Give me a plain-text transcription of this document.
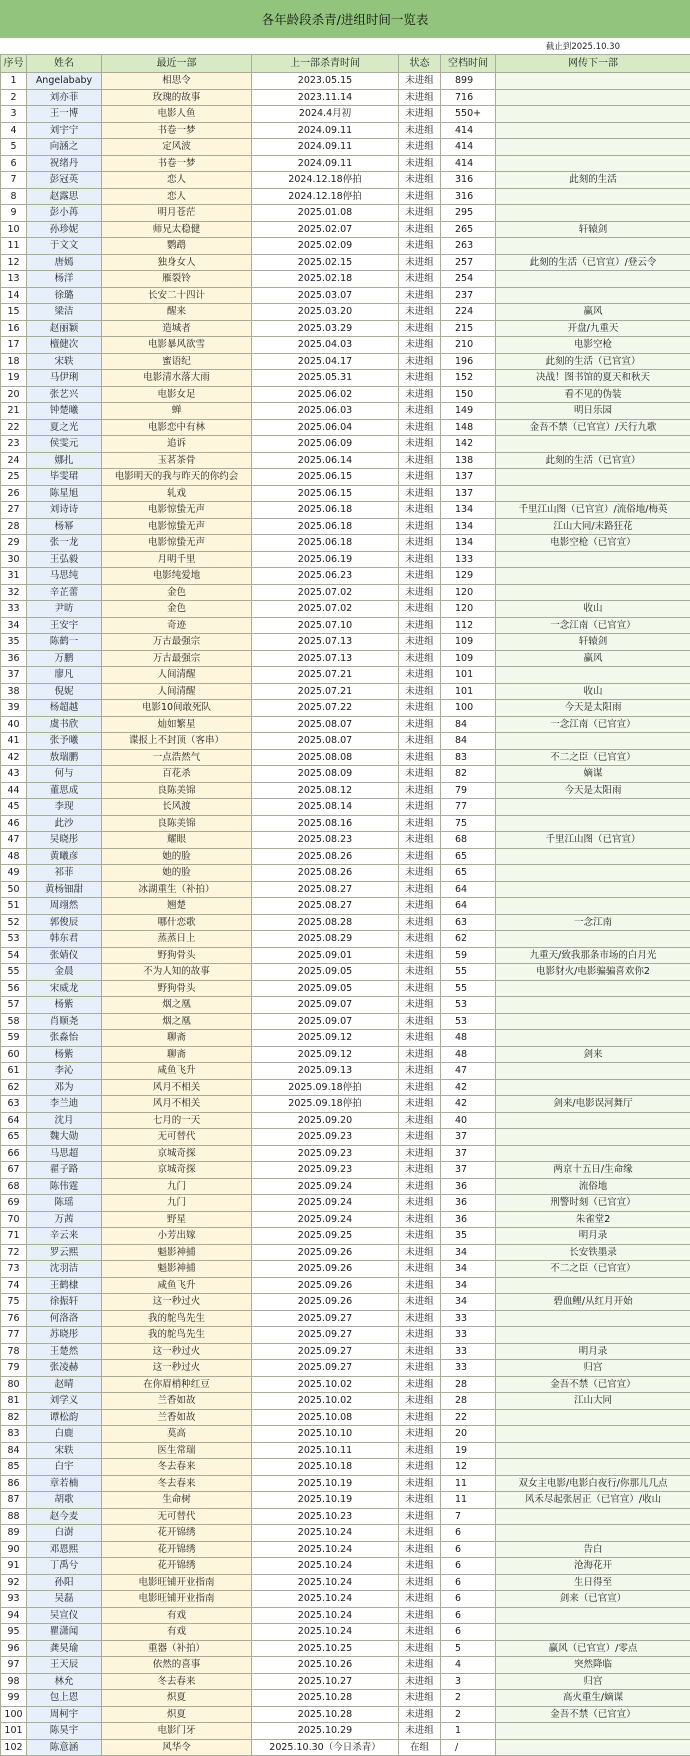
各年龄段杀青/进组时间一览表
截止到2025.10.30
序号	姓名	最近一部	上一部杀青时间	状态	空档时间	网传下一部
1	Angelababy	相思令	2023.05.15	未进组	899	
2	刘亦菲	玫瑰的故事	2023.11.14	未进组	716	
3	王一博	电影人鱼	2024.4月初	未进组	550+	
4	刘宇宁	书卷一梦	2024.09.11	未进组	414	
5	向涵之	定风波	2024.09.11	未进组	414	
6	祝绪丹	书卷一梦	2024.09.11	未进组	414	
7	彭冠英	恋人	2024.12.18停拍	未进组	316	此刻的生活
8	赵露思	恋人	2024.12.18停拍	未进组	316	
9	彭小苒	明月苍茫	2025.01.08	未进组	295	
10	孙珍妮	师兄太稳健	2025.02.07	未进组	265	轩辕剑
11	于文文	鹦鹉	2025.02.09	未进组	263	
12	唐嫣	独身女人	2025.02.15	未进组	257	此刻的生活（已官宣）/登云令
13	杨洋	雁裂铃	2025.02.18	未进组	254	
14	徐璐	长安二十四计	2025.03.07	未进组	237	
15	梁洁	醒来	2025.03.20	未进组	224	赢风
16	赵丽颖	造城者	2025.03.29	未进组	215	开盘/九重天
17	檀健次	电影暴风欲雪	2025.04.03	未进组	210	电影空枪
18	宋轶	蜜语纪	2025.04.17	未进组	196	此刻的生活（已官宣）
19	马伊琍	电影清水落大雨	2025.05.31	未进组	152	决战！图书馆的夏天和秋天
20	张艺兴	电影女足	2025.06.02	未进组	150	看不见的伪装
21	钟楚曦	蝉	2025.06.03	未进组	149	明日乐园
22	夏之光	电影恋中有林	2025.06.04	未进组	148	金吾不禁（已官宣）/天行九歌
23	侯雯元	追诉	2025.06.09	未进组	142	
24	娜扎	玉茗茶骨	2025.06.14	未进组	138	此刻的生活（已官宣）
25	毕雯珺	电影明天的我与昨天的你约会	2025.06.15	未进组	137	
26	陈星旭	轧戏	2025.06.15	未进组	137	
27	刘诗诗	电影惊蛰无声	2025.06.18	未进组	134	千里江山图（已官宣）/流俗地/梅英
28	杨幂	电影惊蛰无声	2025.06.18	未进组	134	江山大同/末路狂花
29	张一龙	电影惊蛰无声	2025.06.18	未进组	134	电影空枪（已官宣）
30	王弘毅	月明千里	2025.06.19	未进组	133	
31	马思纯	电影纯爱地	2025.06.23	未进组	129	
32	辛芷蕾	金色	2025.07.02	未进组	120	
33	尹昉	金色	2025.07.02	未进组	120	收山
34	王安宇	奇迹	2025.07.10	未进组	112	一念江南（已官宣）
35	陈鹤一	万古最强宗	2025.07.13	未进组	109	轩辕剑
36	万鹏	万古最强宗	2025.07.13	未进组	109	赢风
37	廖凡	人间清醒	2025.07.21	未进组	101	
38	倪妮	人间清醒	2025.07.21	未进组	101	收山
39	杨超越	电影10间敢死队	2025.07.22	未进组	100	今天是太阳雨
40	虞书欣	灿如繁星	2025.08.07	未进组	84	一念江南（已官宣）
41	张予曦	谍报上不封顶（客串）	2025.08.07	未进组	84	
42	敖瑞鹏	一点浩然气	2025.08.08	未进组	83	不二之臣（已官宣）
43	何与	百花杀	2025.08.09	未进组	82	嫡谋
44	董思成	良陈美锦	2025.08.12	未进组	79	今天是太阳雨
45	李现	长风渡	2025.08.14	未进组	77	
46	此沙	良陈美锦	2025.08.16	未进组	75	
47	吴晓彤	耀眼	2025.08.23	未进组	68	千里江山图（已官宣）
48	黄曦彦	她的脸	2025.08.26	未进组	65	
49	祁菲	她的脸	2025.08.26	未进组	65	
50	黄杨钿甜	冰湖重生（补拍）	2025.08.27	未进组	64	
51	周翊然	翘楚	2025.08.27	未进组	64	
52	郭俊辰	哪什恋歌	2025.08.28	未进组	63	一念江南
53	韩东君	蒸蒸日上	2025.08.29	未进组	62	
54	张婧仪	野狗骨头	2025.09.01	未进组	59	九重天/致我那条市场的白月光
55	金晨	不为人知的故事	2025.09.05	未进组	55	电影豺火/电影骗骗喜欢你2
56	宋威龙	野狗骨头	2025.09.05	未进组	55	
57	杨紫	烟之凰	2025.09.07	未进组	53	
58	肖顺尧	烟之凰	2025.09.07	未进组	53	
59	张淼怡	聊斋	2025.09.12	未进组	48	
60	杨紫	聊斋	2025.09.12	未进组	48	剑来
61	李沁	咸鱼飞升	2025.09.13	未进组	47	
62	邓为	风月不相关	2025.09.18停拍	未进组	42	
63	李兰迪	风月不相关	2025.09.18停拍	未进组	42	剑来/电影误河舞厅
64	沈月	七月的一天	2025.09.20	未进组	40	
65	魏大勋	无可替代	2025.09.23	未进组	37	
66	马思超	京城奇探	2025.09.23	未进组	37	
67	翟子路	京城奇探	2025.09.23	未进组	37	两京十五日/生命缘
68	陈伟霆	九门	2025.09.24	未进组	36	流俗地
69	陈瑶	九门	2025.09.24	未进组	36	刑警时刻（已官宣）
70	万茜	野星	2025.09.24	未进组	36	朱雀堂2
71	辛云来	小芳出嫁	2025.09.25	未进组	35	明月录
72	罗云熙	魁影神捕	2025.09.26	未进组	34	长安铁墨录
73	沈羽洁	魁影神捕	2025.09.26	未进组	34	不二之臣（已官宣）
74	王鹤棣	咸鱼飞升	2025.09.26	未进组	34	
75	徐振轩	这一秒过火	2025.09.26	未进组	34	碧血鲤/从红月开始
76	何洛洛	我的鸵鸟先生	2025.09.27	未进组	33	
77	苏晓彤	我的鸵鸟先生	2025.09.27	未进组	33	
78	王楚然	这一秒过火	2025.09.27	未进组	33	明月录
79	张凌赫	这一秒过火	2025.09.27	未进组	33	归宫
80	赵晴	在你眉梢种红豆	2025.10.02	未进组	28	金吾不禁（已官宣）
81	刘学义	兰香如故	2025.10.02	未进组	28	江山大同
82	谭松韵	兰香如故	2025.10.08	未进组	22	
83	白鹿	莫高	2025.10.10	未进组	20	
84	宋轶	医生常瑞	2025.10.11	未进组	19	
85	白宇	冬去春来	2025.10.18	未进组	12	
86	章若楠	冬去春来	2025.10.19	未进组	11	双女主电影/电影白夜行/你那儿几点
87	胡歌	生命树	2025.10.19	未进组	11	风禾尽起张居正（已官宣）/收山
88	赵今麦	无可替代	2025.10.23	未进组	7	
89	白澍	花开锦绣	2025.10.24	未进组	6	
90	邓恩熙	花开锦绣	2025.10.24	未进组	6	告白
91	丁禹兮	花开锦绣	2025.10.24	未进组	6	沧海花开
92	孙阳	电影旺铺开业指南	2025.10.24	未进组	6	生日得至
93	吴磊	电影旺铺开业指南	2025.10.24	未进组	6	剑来（已官宣）
94	吴宣仪	有戏	2025.10.24	未进组	6	
95	瞿潇闻	有戏	2025.10.24	未进组	6	
96	龚昊瑜	重器（补拍）	2025.10.25	未进组	5	赢风（已官宣）/零点
97	王天辰	依然的喜事	2025.10.26	未进组	4	突然降临
98	林允	冬去春来	2025.10.27	未进组	3	归宫
99	包上恩	炽夏	2025.10.28	未进组	2	高火重生/嫡谋
100	周柯宇	炽夏	2025.10.28	未进组	2	金吾不禁（已官宣）
101	陈昊宇	电影门牙	2025.10.29	未进组	1	
102	陈意涵	风华令	2025.10.30（今日杀青）	在组	/	
